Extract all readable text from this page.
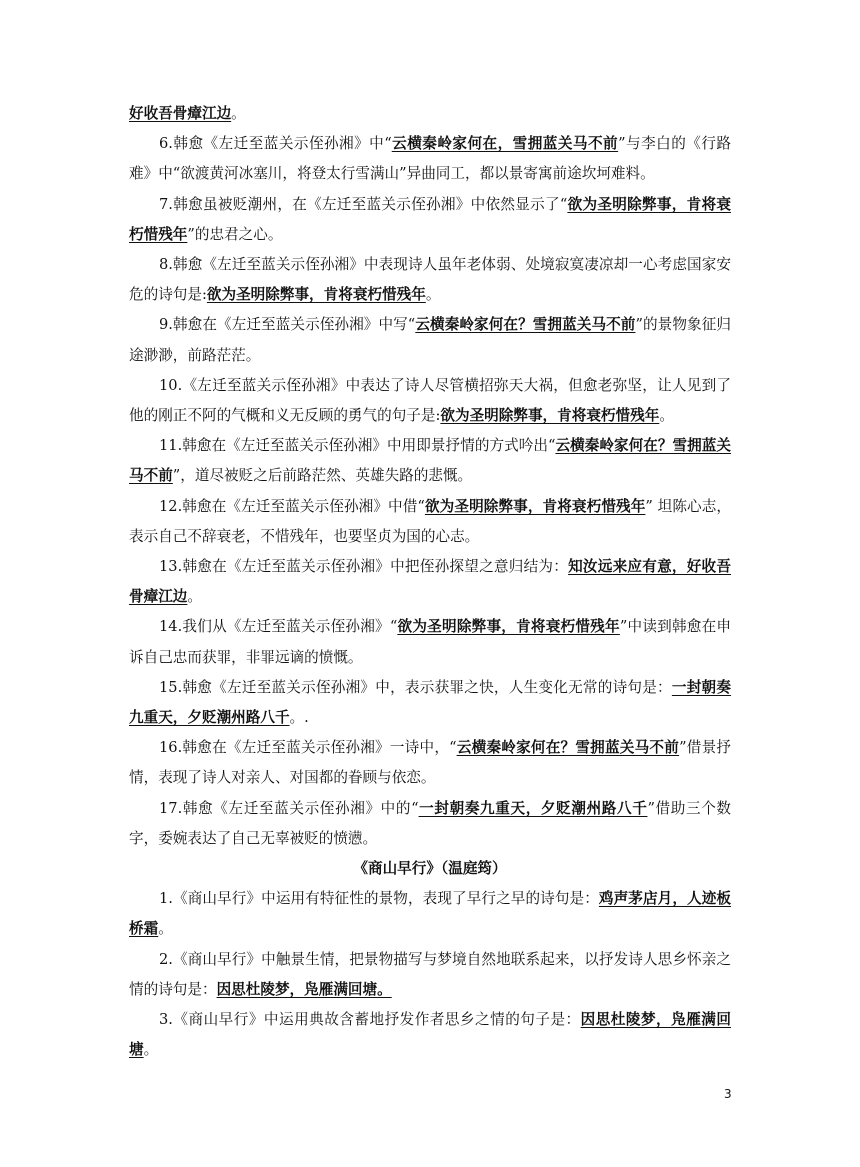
好收吾骨瘴江边。

6.韩愈《左迁至蓝关示侄孙湘》中“云横秦岭家何在，雪拥蓝关马不前”与李白的《行路难》中“欲渡黄河冰塞川，将登太行雪满山”异曲同工，都以景寄寓前途坎坷难料。

7.韩愈虽被贬潮州，在《左迁至蓝关示侄孙湘》中依然显示了“欲为圣明除弊事，肯将衰朽惜残年”的忠君之心。

8.韩愈《左迁至蓝关示侄孙湘》中表现诗人虽年老体弱、处境寂寞凄凉却一心考虑国家安危的诗句是:欲为圣明除弊事，肯将衰朽惜残年。

9.韩愈在《左迁至蓝关示侄孙湘》中写“云横秦岭家何在？雪拥蓝关马不前”的景物象征归途渺渺，前路茫茫。

10.《左迁至蓝关示侄孙湘》中表达了诗人尽管横招弥天大祸，但愈老弥坚，让人见到了他的刚正不阿的气概和义无反顾的勇气的句子是:欲为圣明除弊事，肯将衰朽惜残年。

11.韩愈在《左迁至蓝关示侄孙湘》中用即景抒情的方式吟出“云横秦岭家何在？雪拥蓝关马不前”，道尽被贬之后前路茫然、英雄失路的悲慨。

12.韩愈在《左迁至蓝关示侄孙湘》中借“欲为圣明除弊事，肯将衰朽惜残年” 坦陈心志，表示自己不辞衰老，不惜残年，也要坚贞为国的心志。

13.韩愈在《左迁至蓝关示侄孙湘》中把侄孙探望之意归结为：知汝远来应有意，好收吾骨瘴江边。

14.我们从《左迁至蓝关示侄孙湘》“欲为圣明除弊事，肯将衰朽惜残年”中读到韩愈在申诉自己忠而获罪，非罪远谪的愤慨。

15.韩愈《左迁至蓝关示侄孙湘》中，表示获罪之快，人生变化无常的诗句是：一封朝奏九重天，夕贬潮州路八千。.

16.韩愈在《左迁至蓝关示侄孙湘》一诗中，“云横秦岭家何在？雪拥蓝关马不前”借景抒情，表现了诗人对亲人、对国都的眷顾与依恋。

17.韩愈《左迁至蓝关示侄孙湘》中的“一封朝奏九重天，夕贬潮州路八千”借助三个数字，委婉表达了自己无辜被贬的愤懑。

《商山早行》（温庭筠）

1.《商山早行》中运用有特征性的景物，表现了早行之早的诗句是：鸡声茅店月，人迹板桥霜。

2.《商山早行》中触景生情，把景物描写与梦境自然地联系起来，以抒发诗人思乡怀亲之情的诗句是：因思杜陵梦，凫雁满回塘。

3.《商山早行》中运用典故含蓄地抒发作者思乡之情的句子是：因思杜陵梦，凫雁满回塘。

3
